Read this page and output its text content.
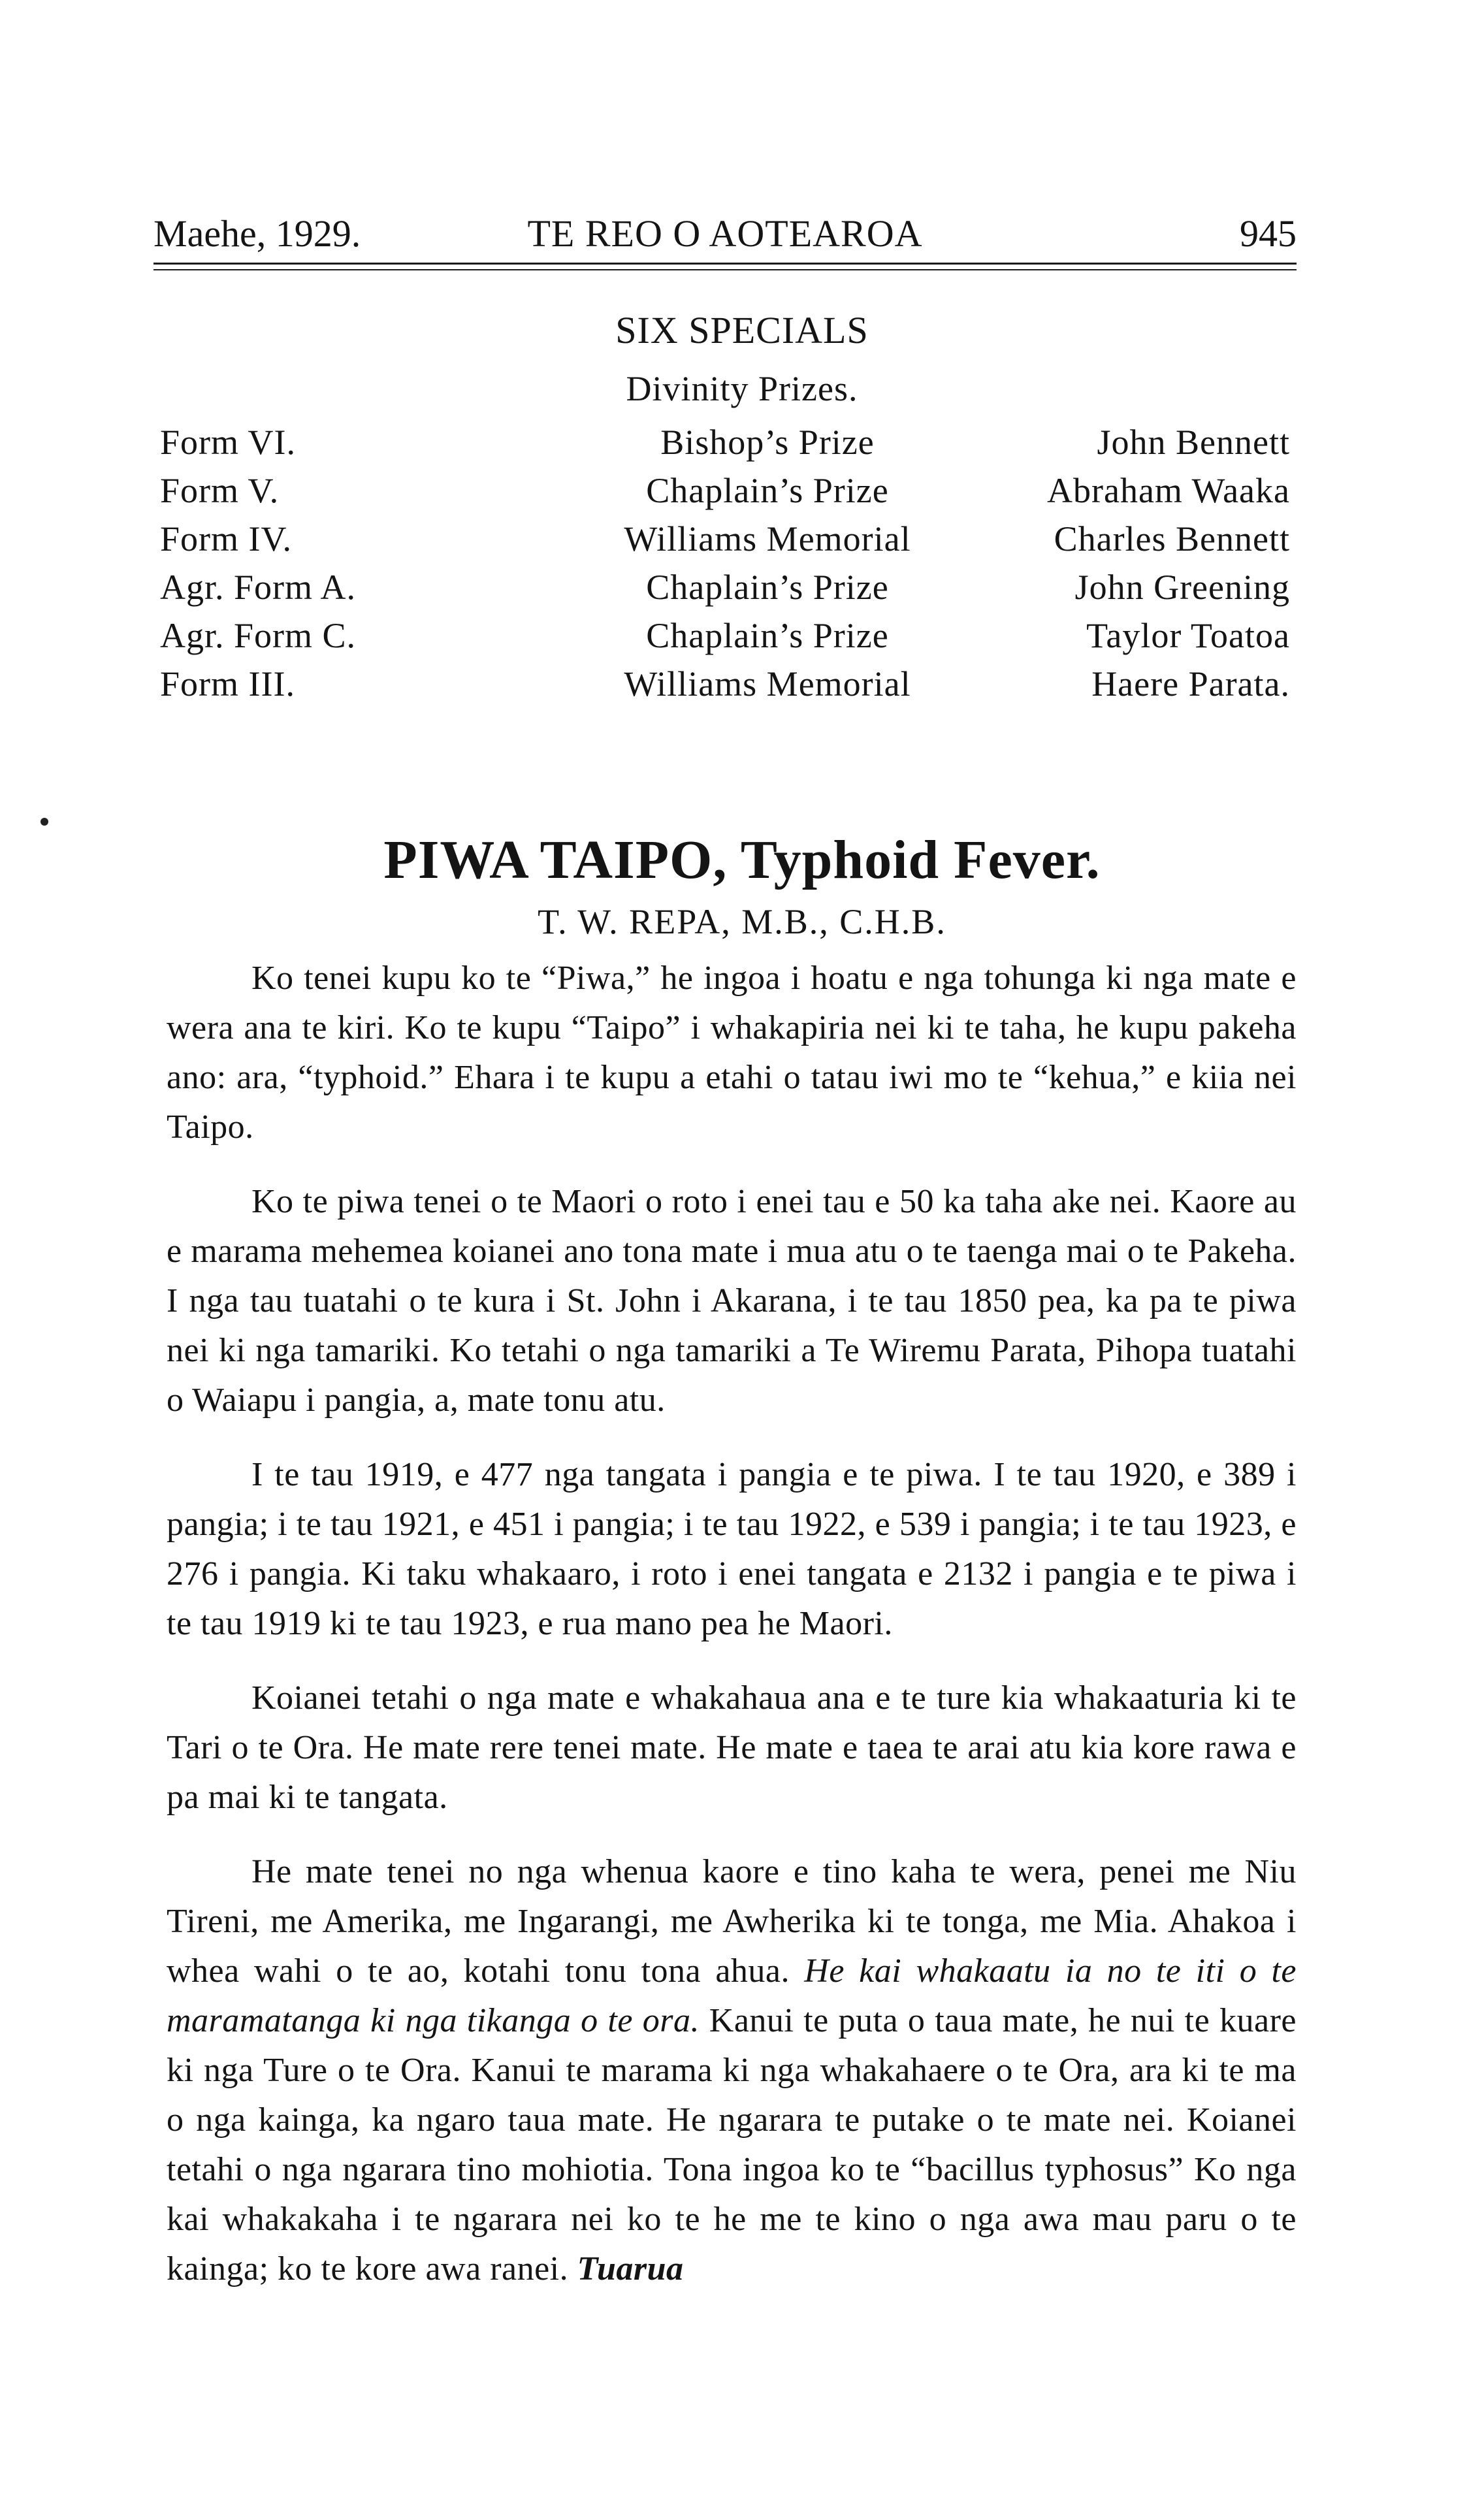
Maehe, 1929.	TE REO O AOTEAROA	945
SIX SPECIALS
Divinity Prizes.
Form VI.	Bishop’s Prize	John Bennett
Form V.	Chaplain’s Prize	Abraham Waaka
Form IV.	Williams Memorial	Charles Bennett
Agr. Form A.	Chaplain’s Prize	John Greening
Agr. Form C.	Chaplain’s Prize	Taylor Toatoa
Form III.	Williams Memorial	Haere Parata.
PIWA TAIPO, Typhoid Fever.
T. W. REPA, M.B., C.H.B.

Ko tenei kupu ko te “Piwa,” he ingoa i hoatu e nga tohunga ki nga mate e wera ana te kiri. Ko te kupu “Taipo” i whakapiria nei ki te taha, he kupu pakeha ano: ara, “typhoid.” Ehara i te kupu a etahi o tatau iwi mo te “kehua,” e kiia nei Taipo.

Ko te piwa tenei o te Maori o roto i enei tau e 50 ka taha ake nei. Kaore au e marama mehemea koianei ano tona mate i mua atu o te taenga mai o te Pakeha. I nga tau tuatahi o te kura i St. John i Akarana, i te tau 1850 pea, ka pa te piwa nei ki nga tamariki. Ko tetahi o nga tamariki a Te Wiremu Parata, Pihopa tuatahi o Waiapu i pangia, a, mate tonu atu.

I te tau 1919, e 477 nga tangata i pangia e te piwa. I te tau 1920, e 389 i pangia; i te tau 1921, e 451 i pangia; i te tau 1922, e 539 i pangia; i te tau 1923, e 276 i pangia. Ki taku whakaaro, i roto i enei tangata e 2132 i pangia e te piwa i te tau 1919 ki te tau 1923, e rua mano pea he Maori.

Koianei tetahi o nga mate e whakahaua ana e te ture kia whakaaturia ki te Tari o te Ora. He mate rere tenei mate. He mate e taea te arai atu kia kore rawa e pa mai ki te tangata.

He mate tenei no nga whenua kaore e tino kaha te wera, penei me Niu Tireni, me Amerika, me Ingarangi, me Awherika ki te tonga, me Mia. Ahakoa i whea wahi o te ao, kotahi tonu tona ahua. He kai whakaatu ia no te iti o te maramatanga ki nga tikanga o te ora. Kanui te puta o taua mate, he nui te kuare ki nga Ture o te Ora. Kanui te marama ki nga whakahaere o te Ora, ara ki te ma o nga kainga, ka ngaro taua mate. He ngarara te putake o te mate nei. Koianei tetahi o nga ngarara tino mohiotia. Tona ingoa ko te “bacillus typhosus” Ko nga kai whakakaha i te ngarara nei ko te he me te kino o nga awa mau paru o te kainga; ko te kore awa ranei. Tuarua
